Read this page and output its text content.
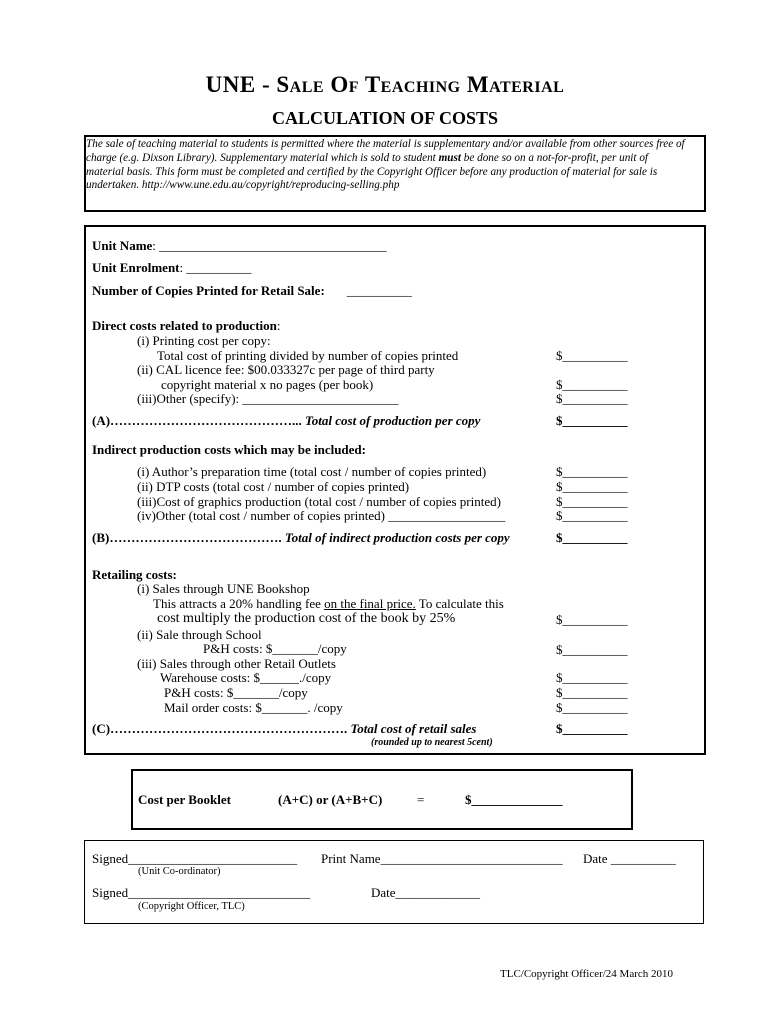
UNE - Sale Of Teaching Material
CALCULATION OF COSTS
The sale of teaching material to students is permitted where the material is supplementary and/or available from other sources free of charge (e.g. Dixson Library). Supplementary material which is sold to student must be done so on a not-for-profit, per unit of material basis. This form must be completed and certified by the Copyright Officer before any production of material for sale is undertaken. http://www.une.edu.au/copyright/reproducing-selling.php
Unit Name: ___________________________________
Unit Enrolment: __________
Number of Copies Printed for Retail Sale: __________
Direct costs related to production:
(i) Printing cost per copy:
Total cost of printing divided by number of copies printed	$__________
(ii) CAL licence fee: $00.033327c per page of third party
copyright material x no pages (per book)	$__________
(iii)Other (specify): ________________________	$__________
(A)……………………………………... Total cost of production per copy	$__________
Indirect production costs which may be included:
(i) Author’s preparation time (total cost / number of copies printed)	$__________
(ii) DTP costs (total cost / number of copies printed)	$__________
(iii)Cost of graphics production (total cost / number of copies printed)	$__________
(iv)Other (total cost / number of copies printed) __________________	$__________
(B)…………………………………. Total of indirect production costs per copy	$__________
Retailing costs:
(i) Sales through UNE Bookshop
This attracts a 20% handling fee on the final price. To calculate this
cost multiply the production cost of the book by 25%	$__________
(ii) Sale through School
P&H costs: $_______/copy	$__________
(iii) Sales through other Retail Outlets
Warehouse costs: $______./copy	$__________
P&H costs: $_______/copy	$__________
Mail order costs: $_______. /copy	$__________
(C)………………………………………………. Total cost of retail sales	$__________
(rounded up to nearest 5cent)
Cost per Booklet	(A+C) or (A+B+C)	=	$______________
Signed__________________________
(Unit Co-ordinator)
Print Name____________________________ Date __________
Signed____________________________
(Copyright Officer, TLC)
Date_____________
TLC/Copyright Officer/24 March 2010
